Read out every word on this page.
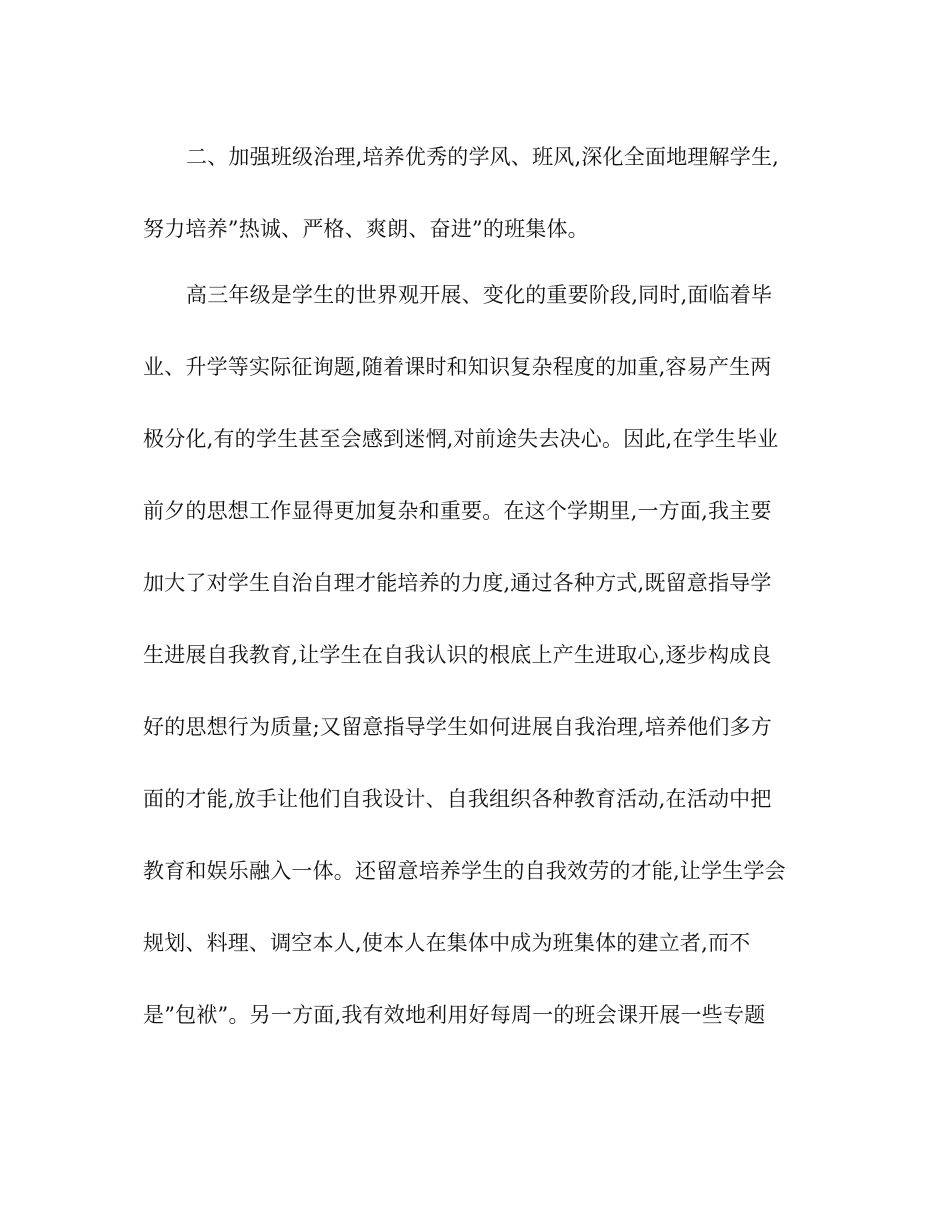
二、加强班级治理,培养优秀的学风、班风,深化全面地理解学生,
努力培养”热诚、严格、爽朗、奋进”的班集体。
高三年级是学生的世界观开展、变化的重要阶段,同时,面临着毕
业、升学等实际征询题,随着课时和知识复杂程度的加重,容易产生两
极分化,有的学生甚至会感到迷惘,对前途失去决心。因此,在学生毕业
前夕的思想工作显得更加复杂和重要。在这个学期里,一方面,我主要
加大了对学生自治自理才能培养的力度,通过各种方式,既留意指导学
生进展自我教育,让学生在自我认识的根底上产生进取心,逐步构成良
好的思想行为质量;又留意指导学生如何进展自我治理,培养他们多方
面的才能,放手让他们自我设计、自我组织各种教育活动,在活动中把
教育和娱乐融入一体。还留意培养学生的自我效劳的才能,让学生学会
规划、料理、调空本人,使本人在集体中成为班集体的建立者,而不
是”包袱”。另一方面,我有效地利用好每周一的班会课开展一些专题
